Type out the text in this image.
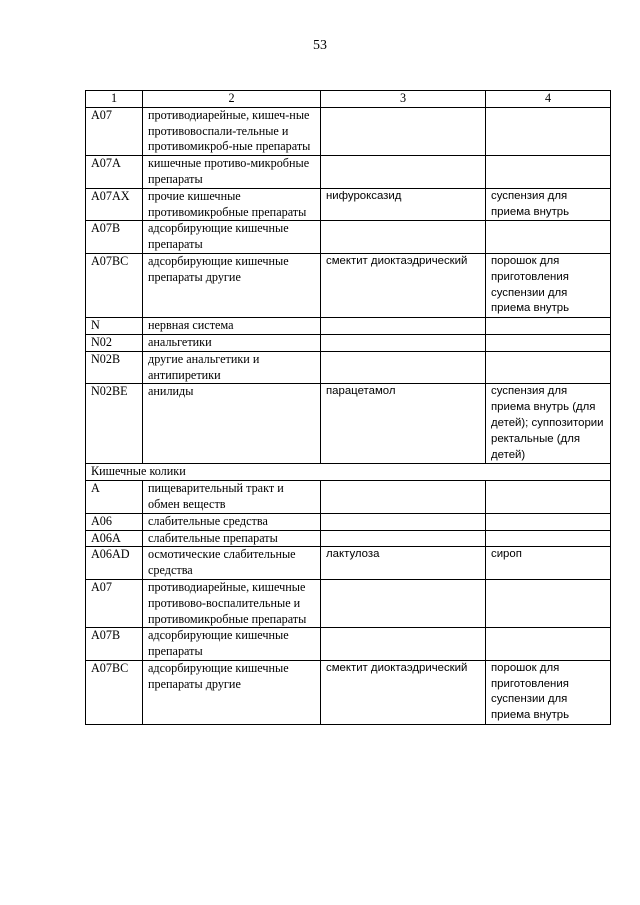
53
1	2	3	4
A07	противодиарейные, кишеч-ные противовоспали-тельные и противомикроб-ные препараты		
A07A	кишечные противо-микробные препараты		
A07AX	прочие кишечные противомикробные препараты	нифуроксазид	суспензия для приема внутрь
A07B	адсорбирующие кишечные препараты		
A07BC	адсорбирующие кишечные препараты другие	смектит диоктаэдрический	порошок для приготовления суспензии для приема внутрь
N	нервная система		
N02	анальгетики		
N02B	другие анальгетики и антипиретики		
N02BE	анилиды	парацетамол	суспензия для приема внутрь (для детей); суппозитории ректальные (для детей)
Кишечные колики			
A	пищеварительный тракт и обмен веществ		
A06	слабительные средства		
A06A	слабительные препараты		
A06AD	осмотические слабительные средства	лактулоза	сироп
A07	противодиарейные, кишечные противово-воспалительные и противомикробные препараты		
A07B	адсорбирующие кишечные препараты		
A07BC	адсорбирующие кишечные препараты другие	смектит диоктаэдрический	порошок для приготовления суспензии для приема внутрь
